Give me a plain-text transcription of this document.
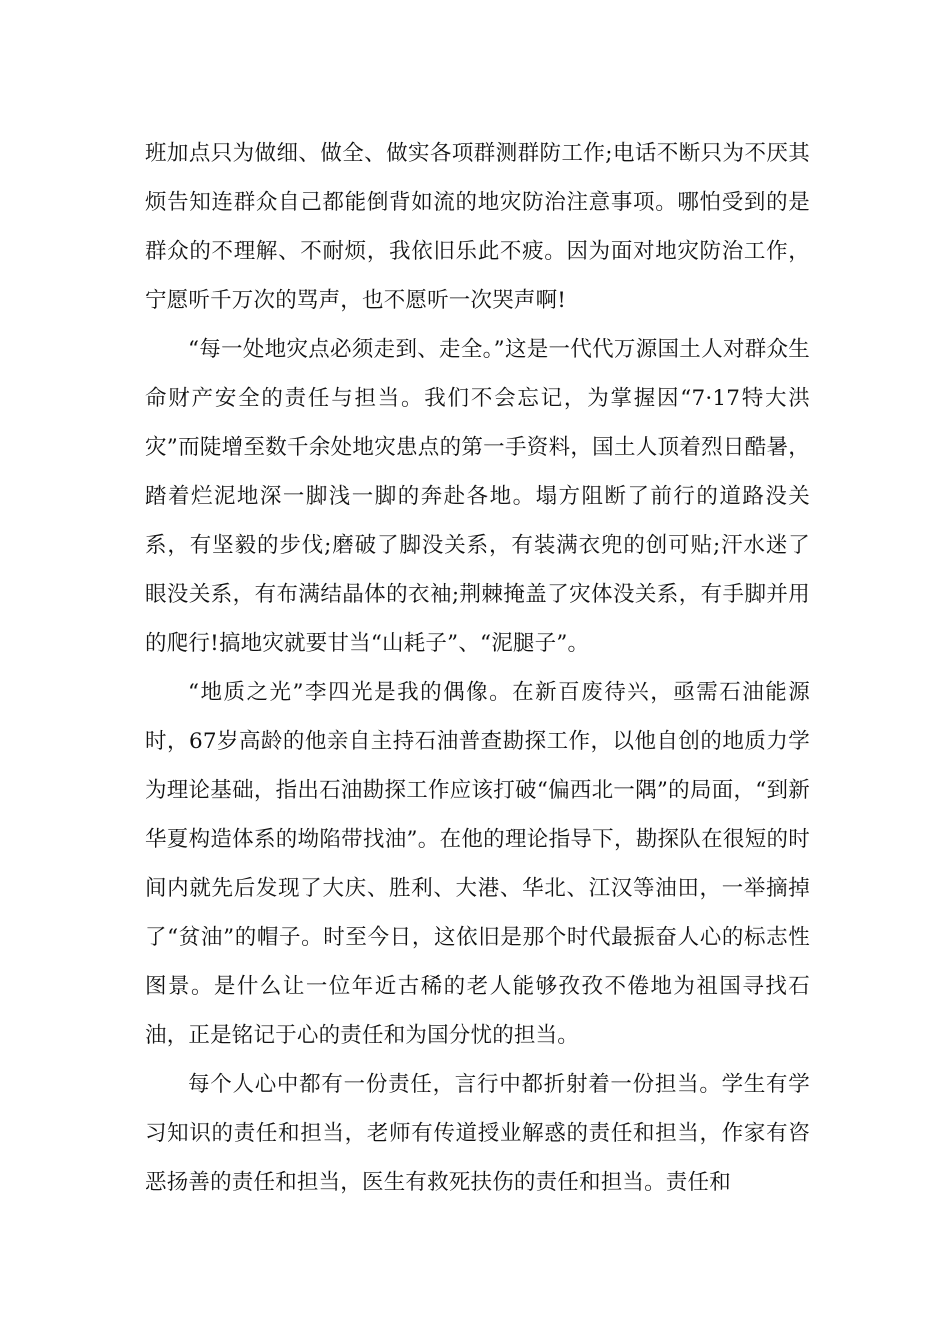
班加点只为做细、做全、做实各项群测群防工作;电话不断只为不厌其烦告知连群众自己都能倒背如流的地灾防治注意事项。哪怕受到的是群众的不理解、不耐烦，我依旧乐此不疲。因为面对地灾防治工作，宁愿听千万次的骂声，也不愿听一次哭声啊!

“每一处地灾点必须走到、走全。”这是一代代万源国土人对群众生命财产安全的责任与担当。我们不会忘记，为掌握因“7·17特大洪灾”而陡增至数千余处地灾患点的第一手资料，国土人顶着烈日酷暑，踏着烂泥地深一脚浅一脚的奔赴各地。塌方阻断了前行的道路没关系，有坚毅的步伐;磨破了脚没关系，有装满衣兜的创可贴;汗水迷了眼没关系，有布满结晶体的衣袖;荆棘掩盖了灾体没关系，有手脚并用的爬行!搞地灾就要甘当“山耗子”、“泥腿子”。

“地质之光”李四光是我的偶像。在新百废待兴，亟需石油能源时，67岁高龄的他亲自主持石油普查勘探工作，以他自创的地质力学为理论基础，指出石油勘探工作应该打破“偏西北一隅”的局面，“到新华夏构造体系的坳陷带找油”。在他的理论指导下，勘探队在很短的时间内就先后发现了大庆、胜利、大港、华北、江汉等油田，一举摘掉了“贫油”的帽子。时至今日，这依旧是那个时代最振奋人心的标志性图景。是什么让一位年近古稀的老人能够孜孜不倦地为祖国寻找石油，正是铭记于心的责任和为国分忧的担当。

每个人心中都有一份责任，言行中都折射着一份担当。学生有学习知识的责任和担当，老师有传道授业解惑的责任和担当，作家有咨恶扬善的责任和担当，医生有救死扶伤的责任和担当。责任和
